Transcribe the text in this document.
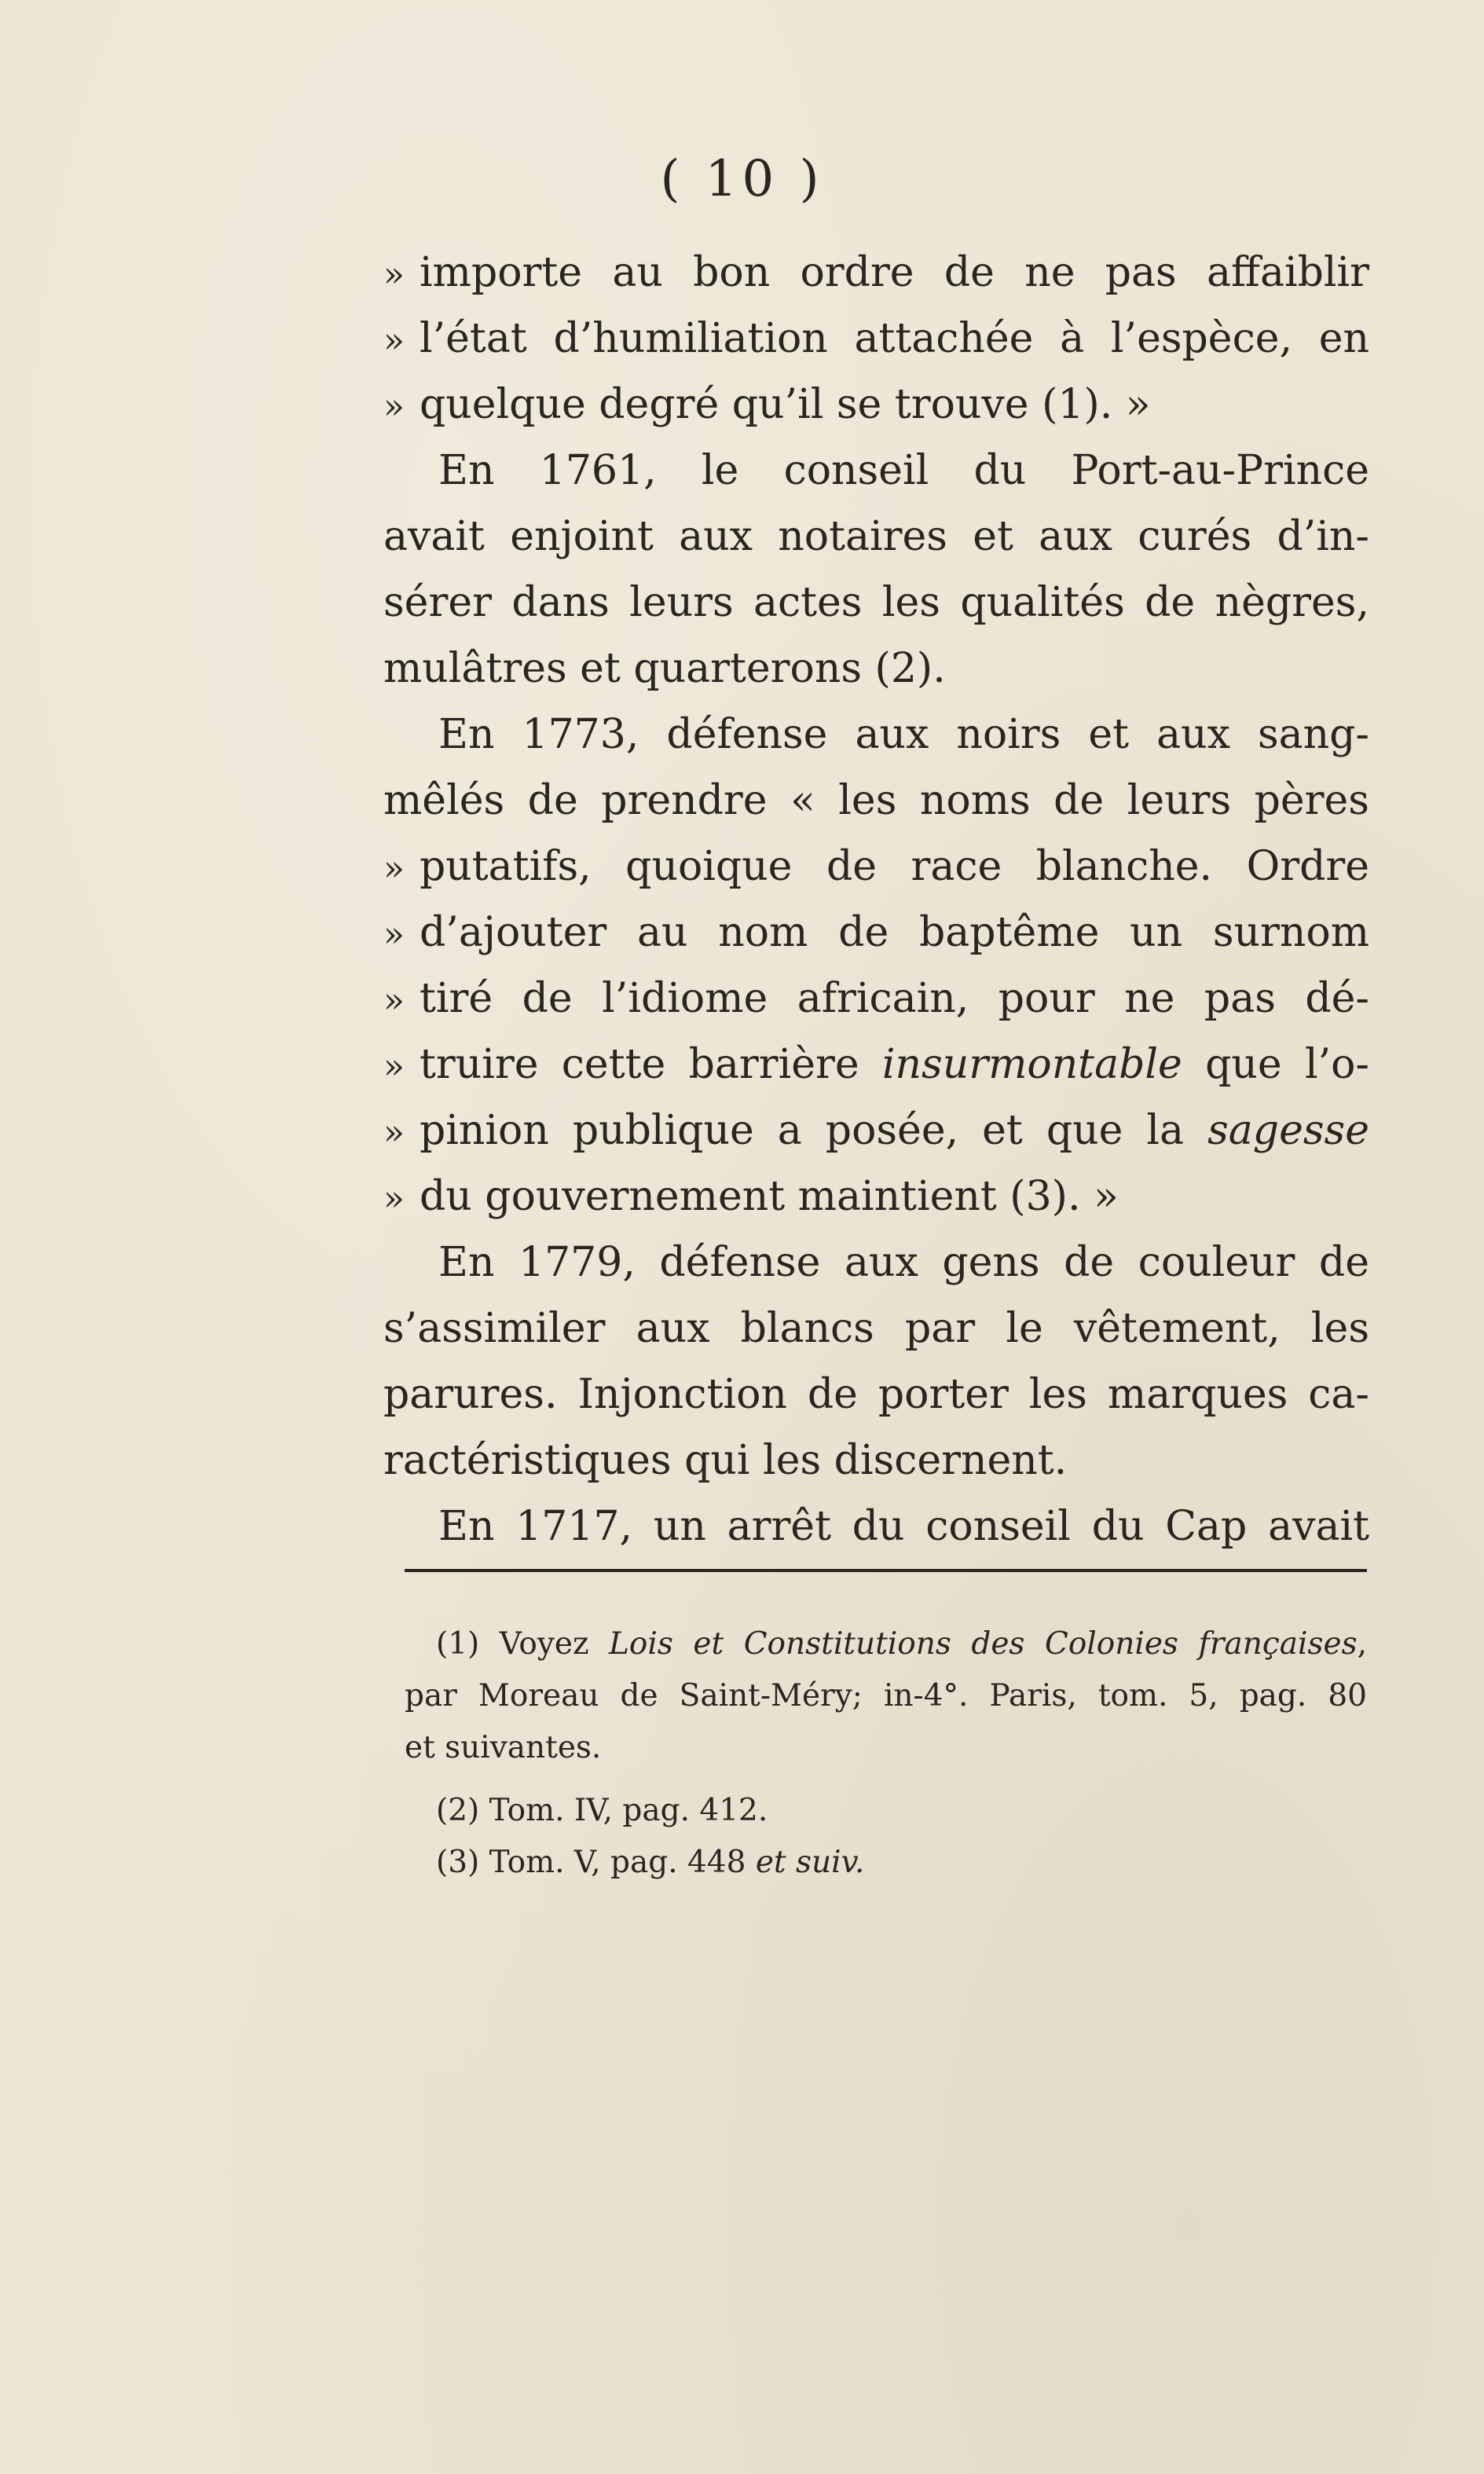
( 10 )
» importe au bon ordre de ne pas affaiblir
» l’état d’humiliation attachée à l’espèce, en
» quelque degré qu’il se trouve (1). »
En 1761, le conseil du Port-au-Prince
avait enjoint aux notaires et aux curés d’in-
sérer dans leurs actes les qualités de nègres,
mulâtres et quarterons (2).
En 1773, défense aux noirs et aux sang-
mêlés de prendre « les noms de leurs pères
» putatifs, quoique de race blanche. Ordre
» d’ajouter au nom de baptême un surnom
» tiré de l’idiome africain, pour ne pas dé-
» truire cette barrière insurmontable que l’o-
» pinion publique a posée, et que la sagesse
» du gouvernement maintient (3). »
En 1779, défense aux gens de couleur de
s’assimiler aux blancs par le vêtement, les
parures. Injonction de porter les marques ca-
ractéristiques qui les discernent.
En 1717, un arrêt du conseil du Cap avait
(1) Voyez Lois et Constitutions des Colonies françaises,
par Moreau de Saint-Méry; in-4°. Paris, tom. 5, pag. 80
et suivantes.
(2) Tom. IV, pag. 412.
(3) Tom. V, pag. 448 et suiv.
